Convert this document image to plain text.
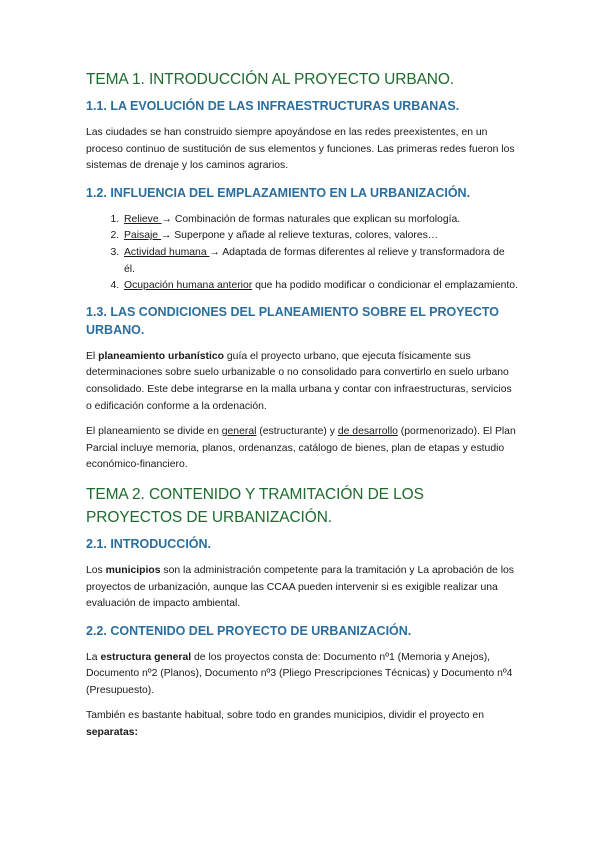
TEMA 1. INTRODUCCIÓN AL PROYECTO URBANO.
1.1. LA EVOLUCIÓN DE LAS INFRAESTRUCTURAS URBANAS.

Las ciudades se han construido siempre apoyándose en las redes preexistentes, en un proceso continuo de sustitución de sus elementos y funciones. Las primeras redes fueron los sistemas de drenaje y los caminos agrarios.

1.2. INFLUENCIA DEL EMPLAZAMIENTO EN LA URBANIZACIÓN.
1. Relieve → Combinación de formas naturales que explican su morfología.
2. Paisaje → Superpone y añade al relieve texturas, colores, valores…
3. Actividad humana → Adaptada de formas diferentes al relieve y transformadora de él.
4. Ocupación humana anterior que ha podido modificar o condicionar el emplazamiento.
1.3. LAS CONDICIONES DEL PLANEAMIENTO SOBRE EL PROYECTO URBANO.

El planeamiento urbanístico guía el proyecto urbano, que ejecuta físicamente sus determinaciones sobre suelo urbanizable o no consolidado para convertirlo en suelo urbano consolidado. Este debe integrarse en la malla urbana y contar con infraestructuras, servicios o edificación conforme a la ordenación.

El planeamiento se divide en general (estructurante) y de desarrollo (pormenorizado). El Plan Parcial incluye memoria, planos, ordenanzas, catálogo de bienes, plan de etapas y estudio económico-financiero.

TEMA 2. CONTENIDO Y TRAMITACIÓN DE LOS PROYECTOS DE URBANIZACIÓN.
2.1. INTRODUCCIÓN.

Los municipios son la administración competente para la tramitación y La aprobación de los proyectos de urbanización, aunque las CCAA pueden intervenir si es exigible realizar una evaluación de impacto ambiental.

2.2. CONTENIDO DEL PROYECTO DE URBANIZACIÓN.

La estructura general de los proyectos consta de: Documento nº1 (Memoria y Anejos), Documento nº2 (Planos), Documento nº3 (Pliego Prescripciones Técnicas) y Documento nº4 (Presupuesto).

También es bastante habitual, sobre todo en grandes municipios, dividir el proyecto en separatas:
